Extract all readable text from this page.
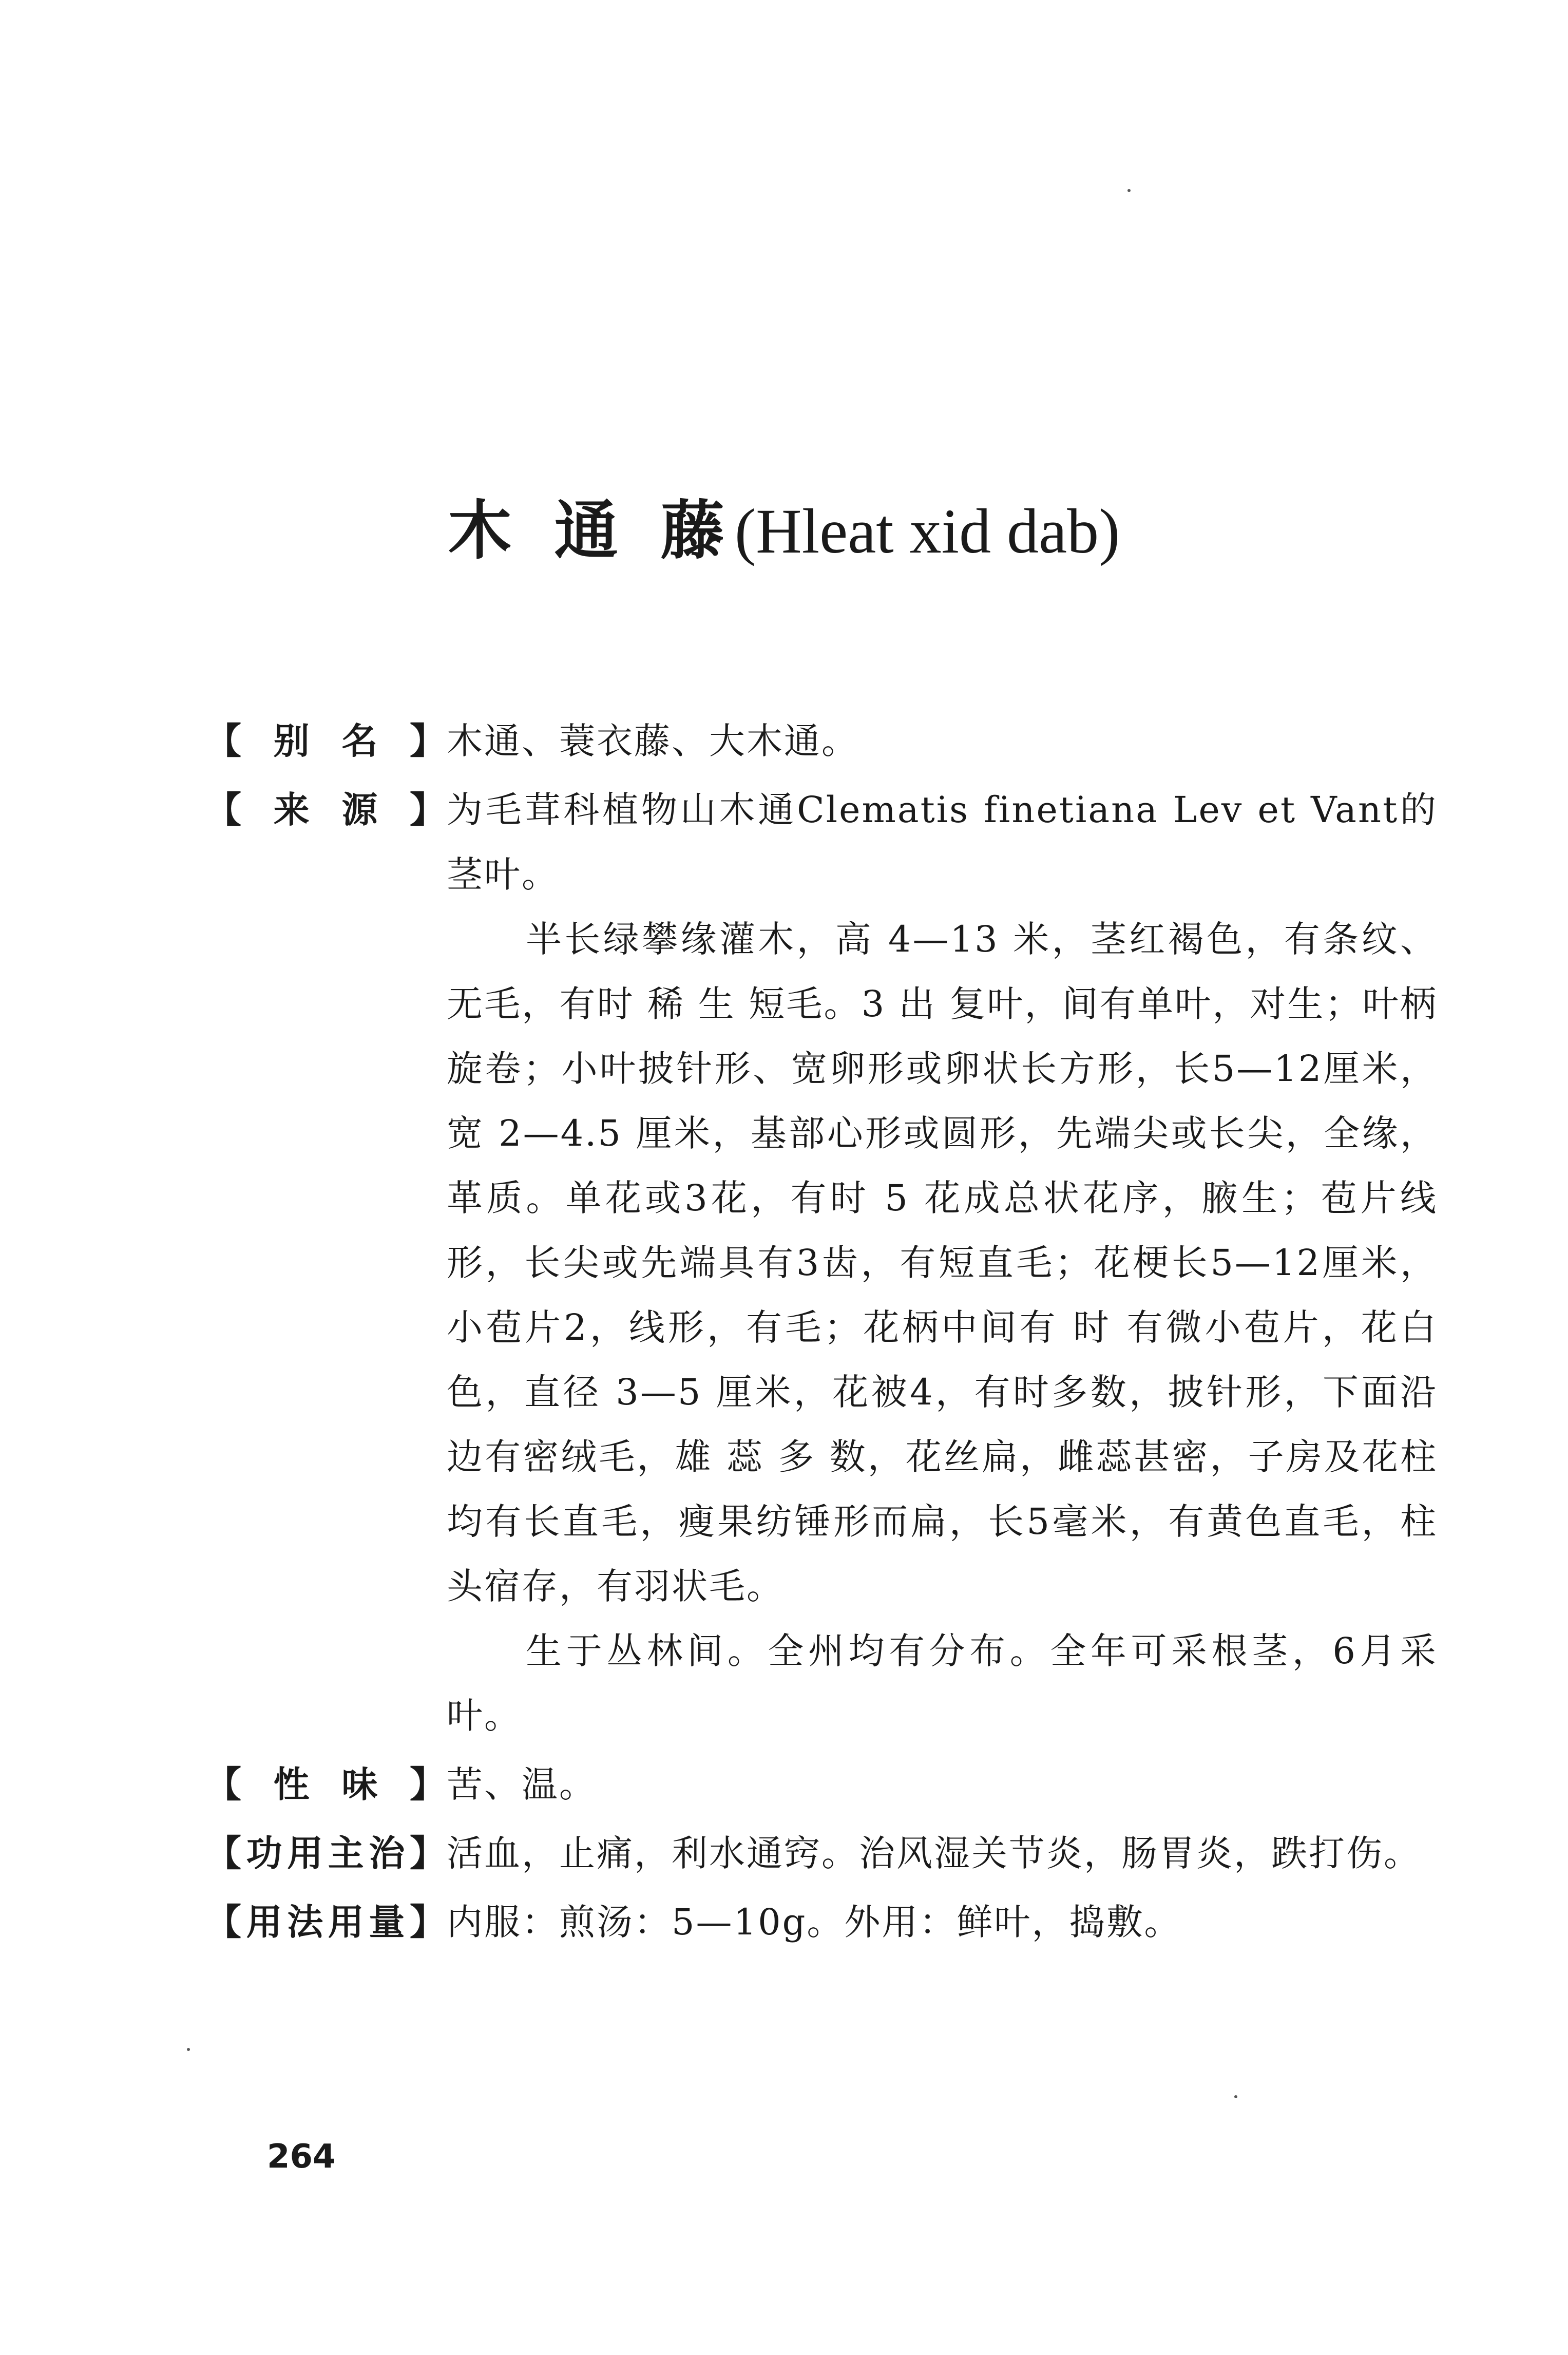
木 通 藤(Hleat xid dab)
【 别 名 】 木通、蓑衣藤、大木通。

【 来 源 】 为毛茸科植物山木通Clematis finetiana Lev et Vant的茎叶。

半长绿攀缘灌木，高 4—13 米，茎红褐色，有条纹、无毛，有时 稀 生 短毛。3 出 复叶，间有单叶，对生；叶柄旋卷；小叶披针形、宽卵形或卵状长方形，长5—12厘米，宽 2—4.5 厘米，基部心形或圆形，先端尖或长尖，全缘，革质。单花或3花，有时 5 花成总状花序，腋生；苞片线形，长尖或先端具有3齿，有短直毛；花梗长5—12厘米，小苞片2，线形，有毛；花柄中间有 时 有微小苞片，花白色，直径 3—5 厘米，花被4，有时多数，披针形，下面沿边有密绒毛，雄 蕊 多 数，花丝扁，雌蕊甚密，子房及花柱均有长直毛，瘦果纺锤形而扁，长5毫米，有黄色直毛，柱头宿存，有羽状毛。

生于丛林间。全州均有分布。全年可采根茎，6月采叶。

【 性 味 】 苦、温。

【 功 用 主 治 】 活血，止痛，利水通窍。治风湿关节炎，肠胃炎，跌打伤。

【 用 法 用 量 】 内服：煎汤：5—10g。外用：鲜叶，捣敷。

264
